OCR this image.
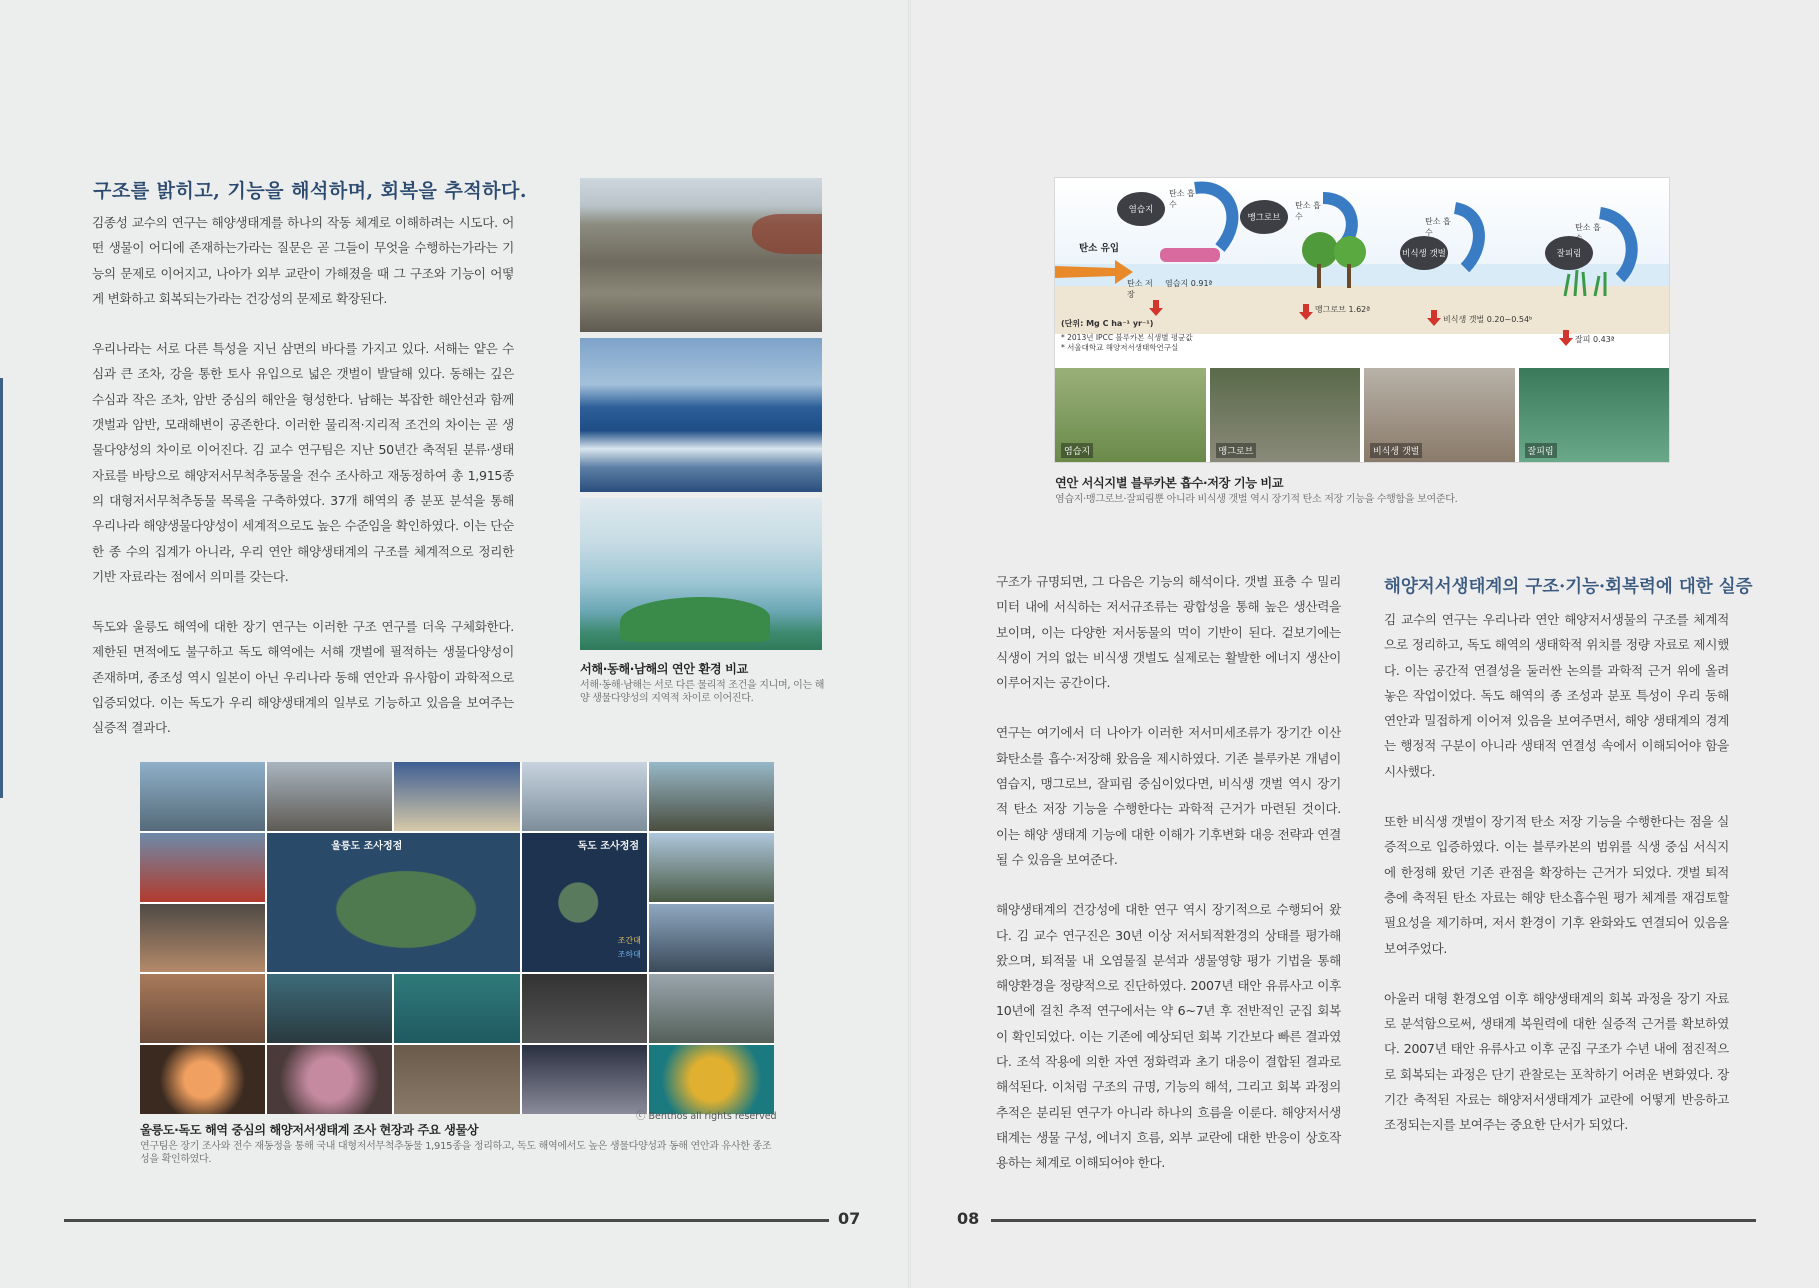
구조를 밝히고, 기능을 해석하며, 회복을 추적하다.

김종성 교수의 연구는 해양생태계를 하나의 작동 체계로 이해하려는 시도다. 어떤 생물이 어디에 존재하는가라는 질문은 곧 그들이 무엇을 수행하는가라는 기능의 문제로 이어지고, 나아가 외부 교란이 가해졌을 때 그 구조와 기능이 어떻게 변화하고 회복되는가라는 건강성의 문제로 확장된다.

우리나라는 서로 다른 특성을 지닌 삼면의 바다를 가지고 있다. 서해는 얕은 수심과 큰 조차, 강을 통한 토사 유입으로 넓은 갯벌이 발달해 있다. 동해는 깊은 수심과 작은 조차, 암반 중심의 해안을 형성한다. 남해는 복잡한 해안선과 함께 갯벌과 암반, 모래해변이 공존한다. 이러한 물리적·지리적 조건의 차이는 곧 생물다양성의 차이로 이어진다. 김 교수 연구팀은 지난 50년간 축적된 분류·생태 자료를 바탕으로 해양저서무척추동물을 전수 조사하고 재동정하여 총 1,915종의 대형저서무척추동물 목록을 구축하였다. 37개 해역의 종 분포 분석을 통해 우리나라 해양생물다양성이 세계적으로도 높은 수준임을 확인하였다. 이는 단순한 종 수의 집계가 아니라, 우리 연안 해양생태계의 구조를 체계적으로 정리한 기반 자료라는 점에서 의미를 갖는다.

독도와 울릉도 해역에 대한 장기 연구는 이러한 구조 연구를 더욱 구체화한다. 제한된 면적에도 불구하고 독도 해역에는 서해 갯벌에 필적하는 생물다양성이 존재하며, 종조성 역시 일본이 아닌 우리나라 동해 연안과 유사함이 과학적으로 입증되었다. 이는 독도가 우리 해양생태계의 일부로 기능하고 있음을 보여주는 실증적 결과다.

서해·동해·남해의 연안 환경 비교

서해·동해·남해는 서로 다른 물리적 조건을 지니며, 이는 해양 생물다양성의 지역적 차이로 이어진다.

울릉도 조사정점	독도 조사정점
조간대
조하대
ⓒ Benthos all rights reserved

울릉도·독도 해역 중심의 해양저서생태계 조사 현장과 주요 생물상

연구팀은 장기 조사와 전수 재동정을 통해 국내 대형저서무척추동물 1,915종을 정리하고, 독도 해역에서도 높은 생물다양성과 동해 연안과 유사한 종조성을 확인하였다.

07
탄소 유입
염습지
맹그로브
비식생 갯벌	잘피림
탄소 흡수	탄소 흡수
탄소 흡수
탄소 흡수
탄소 저장
염습지 0.91ª
맹그로브 1.62ª
비식생 갯벌 0.20~0.54ᵇ
잘피 0.43ª
(단위: Mg C ha⁻¹ yr⁻¹)
* 2013년 IPCC 블루카본 식생별 평균값
* 서울대학교 해양저서생태학연구실
염습지	맹그로브	비식생 갯벌	잘피림

연안 서식지별 블루카본 흡수·저장 기능 비교

염습지·맹그로브·잘피림뿐 아니라 비식생 갯벌 역시 장기적 탄소 저장 기능을 수행함을 보여준다.

구조가 규명되면, 그 다음은 기능의 해석이다. 갯벌 표층 수 밀리미터 내에 서식하는 저서규조류는 광합성을 통해 높은 생산력을 보이며, 이는 다양한 저서동물의 먹이 기반이 된다. 겉보기에는 식생이 거의 없는 비식생 갯벌도 실제로는 활발한 에너지 생산이 이루어지는 공간이다.

연구는 여기에서 더 나아가 이러한 저서미세조류가 장기간 이산화탄소를 흡수·저장해 왔음을 제시하였다. 기존 블루카본 개념이 염습지, 맹그로브, 잘피림 중심이었다면, 비식생 갯벌 역시 장기적 탄소 저장 기능을 수행한다는 과학적 근거가 마련된 것이다. 이는 해양 생태계 기능에 대한 이해가 기후변화 대응 전략과 연결될 수 있음을 보여준다.

해양생태계의 건강성에 대한 연구 역시 장기적으로 수행되어 왔다. 김 교수 연구진은 30년 이상 저서퇴적환경의 상태를 평가해 왔으며, 퇴적물 내 오염물질 분석과 생물영향 평가 기법을 통해 해양환경을 정량적으로 진단하였다. 2007년 태안 유류사고 이후 10년에 걸친 추적 연구에서는 약 6~7년 후 전반적인 군집 회복이 확인되었다. 이는 기존에 예상되던 회복 기간보다 빠른 결과였다. 조석 작용에 의한 자연 정화력과 초기 대응이 결합된 결과로 해석된다. 이처럼 구조의 규명, 기능의 해석, 그리고 회복 과정의 추적은 분리된 연구가 아니라 하나의 흐름을 이룬다. 해양저서생태계는 생물 구성, 에너지 흐름, 외부 교란에 대한 반응이 상호작용하는 체계로 이해되어야 한다.

해양저서생태계의 구조·기능·회복력에 대한 실증

김 교수의 연구는 우리나라 연안 해양저서생물의 구조를 체계적으로 정리하고, 독도 해역의 생태학적 위치를 정량 자료로 제시했다. 이는 공간적 연결성을 둘러싼 논의를 과학적 근거 위에 올려놓은 작업이었다. 독도 해역의 종 조성과 분포 특성이 우리 동해 연안과 밀접하게 이어져 있음을 보여주면서, 해양 생태계의 경계는 행정적 구분이 아니라 생태적 연결성 속에서 이해되어야 함을 시사했다.

또한 비식생 갯벌이 장기적 탄소 저장 기능을 수행한다는 점을 실증적으로 입증하였다. 이는 블루카본의 범위를 식생 중심 서식지에 한정해 왔던 기존 관점을 확장하는 근거가 되었다. 갯벌 퇴적층에 축적된 탄소 자료는 해양 탄소흡수원 평가 체계를 재검토할 필요성을 제기하며, 저서 환경이 기후 완화와도 연결되어 있음을 보여주었다.

아울러 대형 환경오염 이후 해양생태계의 회복 과정을 장기 자료로 분석함으로써, 생태계 복원력에 대한 실증적 근거를 확보하였다. 2007년 태안 유류사고 이후 군집 구조가 수년 내에 점진적으로 회복되는 과정은 단기 관찰로는 포착하기 어려운 변화였다. 장기간 축적된 자료는 해양저서생태계가 교란에 어떻게 반응하고 조정되는지를 보여주는 중요한 단서가 되었다.

08
